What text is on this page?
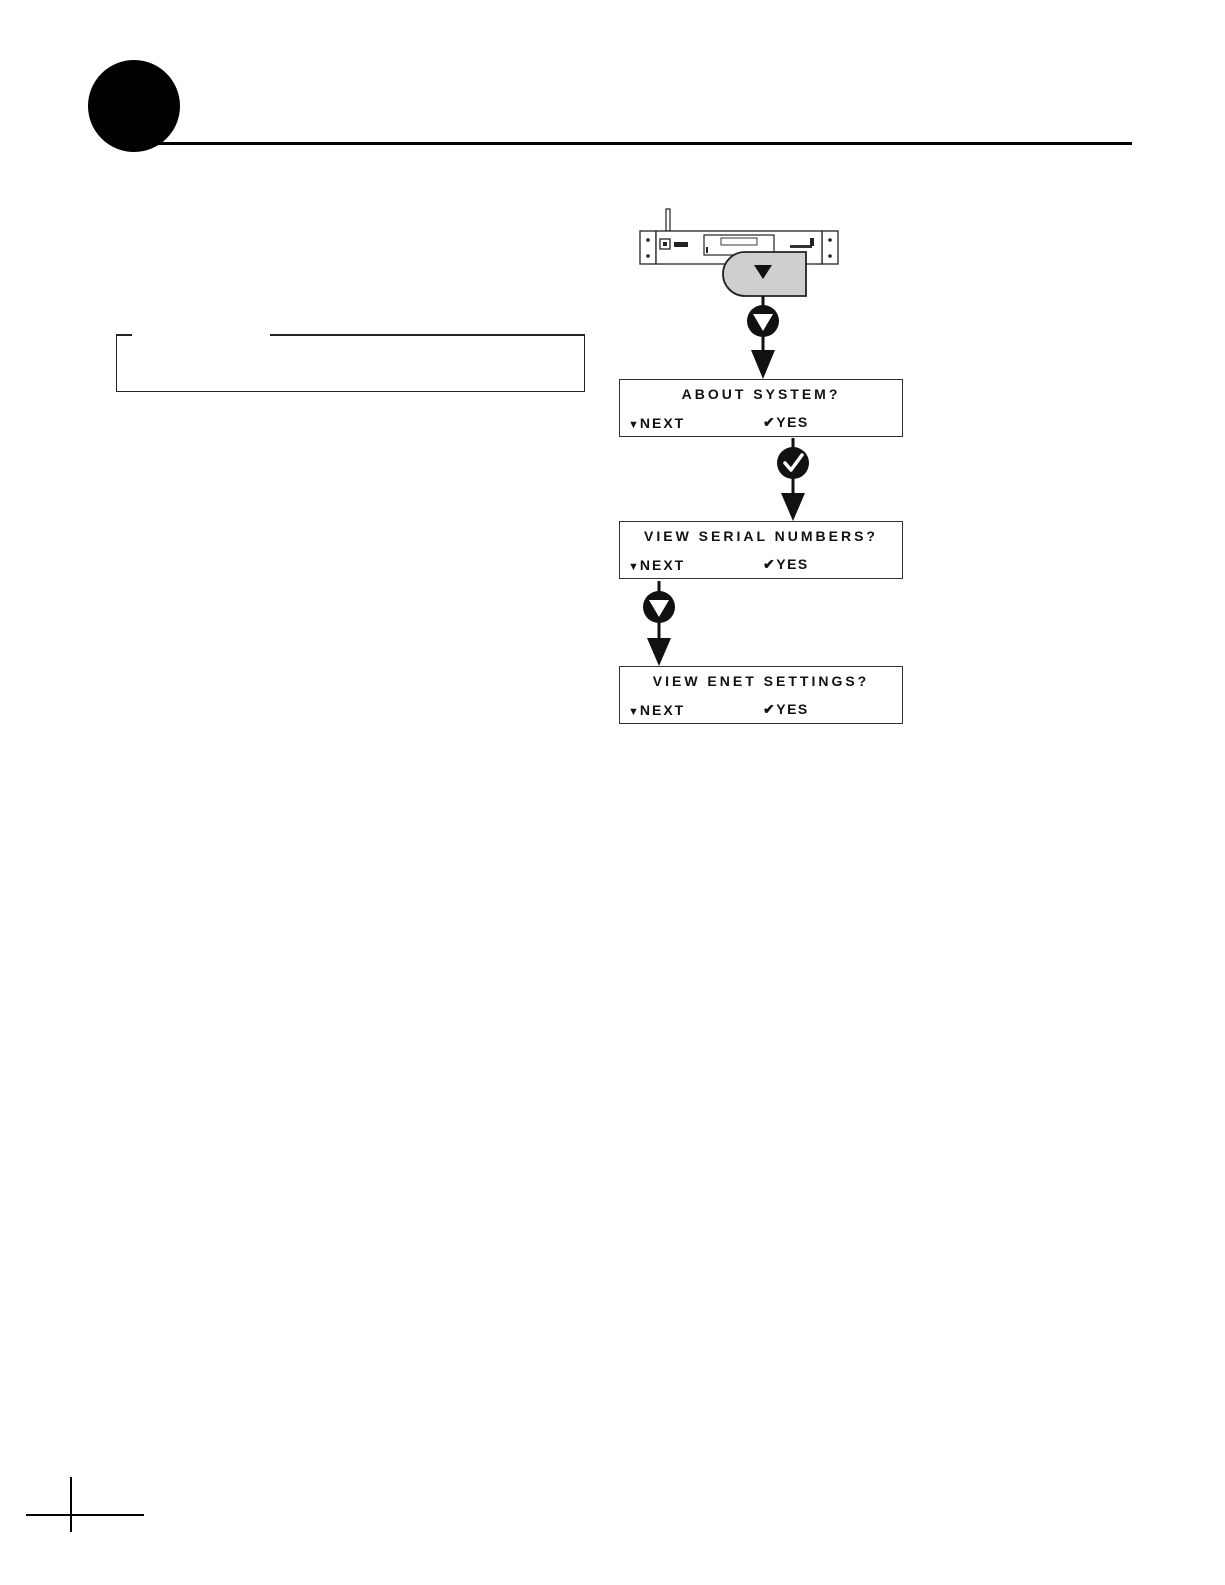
ABOUT SYSTEM?
▼NEXT	✔YES
VIEW SERIAL NUMBERS?
▼NEXT	✔YES
VIEW ENET SETTINGS?
▼NEXT	✔YES
